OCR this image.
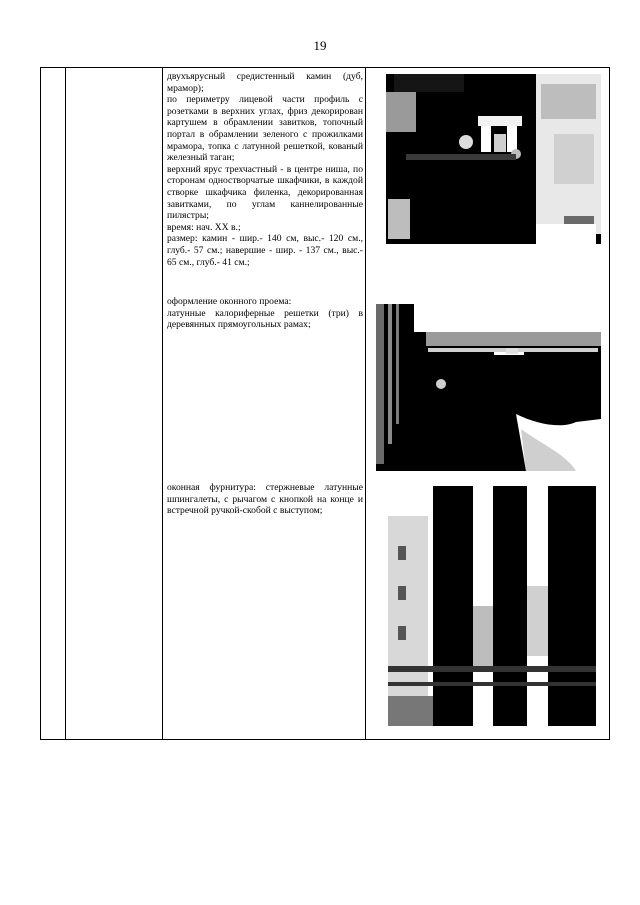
19

двухъярусный средистенный камин (дуб, мрамор);

по периметру лицевой части профиль с розетками в верхних углах, фриз декорирован картушем в обрамлении завитков, топочный портал в обрамлении зеленого с прожилками мрамора, топка с латунной решеткой, кованый железный таган;

верхний ярус трехчастный - в центре ниша, по сторонам одностворчатые шкафчики, в каждой створке шкафчика филенка, декорированная завитками, по углам каннелированные пилястры;

время: нач. XX в.;

размер: камин - шир.- 140 см, выс.- 120 см., глуб.- 57 см.; навершие - шир. - 137 см., выс.- 65 см., глуб.- 41 см.;

оформление оконного проема:

латунные калориферные решетки (три) в деревянных прямоугольных рамах;

оконная фурнитура: стержневые латунные шпингалеты, с рычагом с кнопкой на конце и встречной ручкой-скобой с выступом;
